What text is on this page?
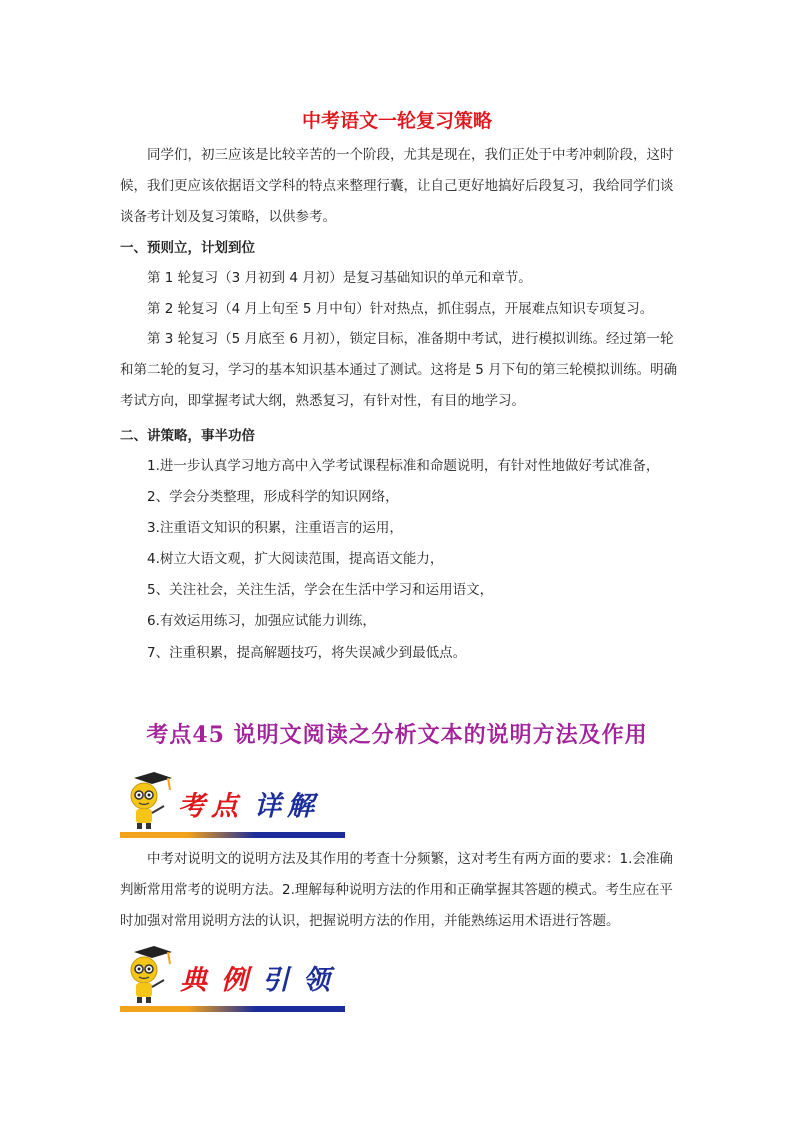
中考语文一轮复习策略

同学们，初三应该是比较辛苦的一个阶段，尤其是现在，我们正处于中考冲刺阶段，这时候，我们更应该依据语文学科的特点来整理行囊，让自己更好地搞好后段复习，我给同学们谈谈备考计划及复习策略，以供参考。

一、预则立，计划到位

第 1 轮复习（3 月初到 4 月初）是复习基础知识的单元和章节。

第 2 轮复习（4 月上旬至 5 月中旬）针对热点，抓住弱点，开展难点知识专项复习。

第 3 轮复习（5 月底至 6 月初），锁定目标，准备期中考试，进行模拟训练。经过第一轮和第二轮的复习，学习的基本知识基本通过了测试。这将是 5 月下旬的第三轮模拟训练。明确考试方向，即掌握考试大纲，熟悉复习，有针对性，有目的地学习。

二、讲策略，事半功倍

1.进一步认真学习地方高中入学考试课程标准和命题说明，有针对性地做好考试准备，

2、学会分类整理，形成科学的知识网络，

3.注重语文知识的积累，注重语言的运用，

4.树立大语文观，扩大阅读范围，提高语文能力，

5、关注社会，关注生活，学会在生活中学习和运用语文，

6.有效运用练习，加强应试能力训练，

7、注重积累，提高解题技巧，将失误减少到最低点。

考点45 说明文阅读之分析文本的说明方法及作用
考点 详解

中考对说明文的说明方法及其作用的考查十分频繁，这对考生有两方面的要求：1.会准确判断常用常考的说明方法。2.理解每种说明方法的作用和正确掌握其答题的模式。考生应在平时加强对常用说明方法的认识，把握说明方法的作用，并能熟练运用术语进行答题。

典例引领
